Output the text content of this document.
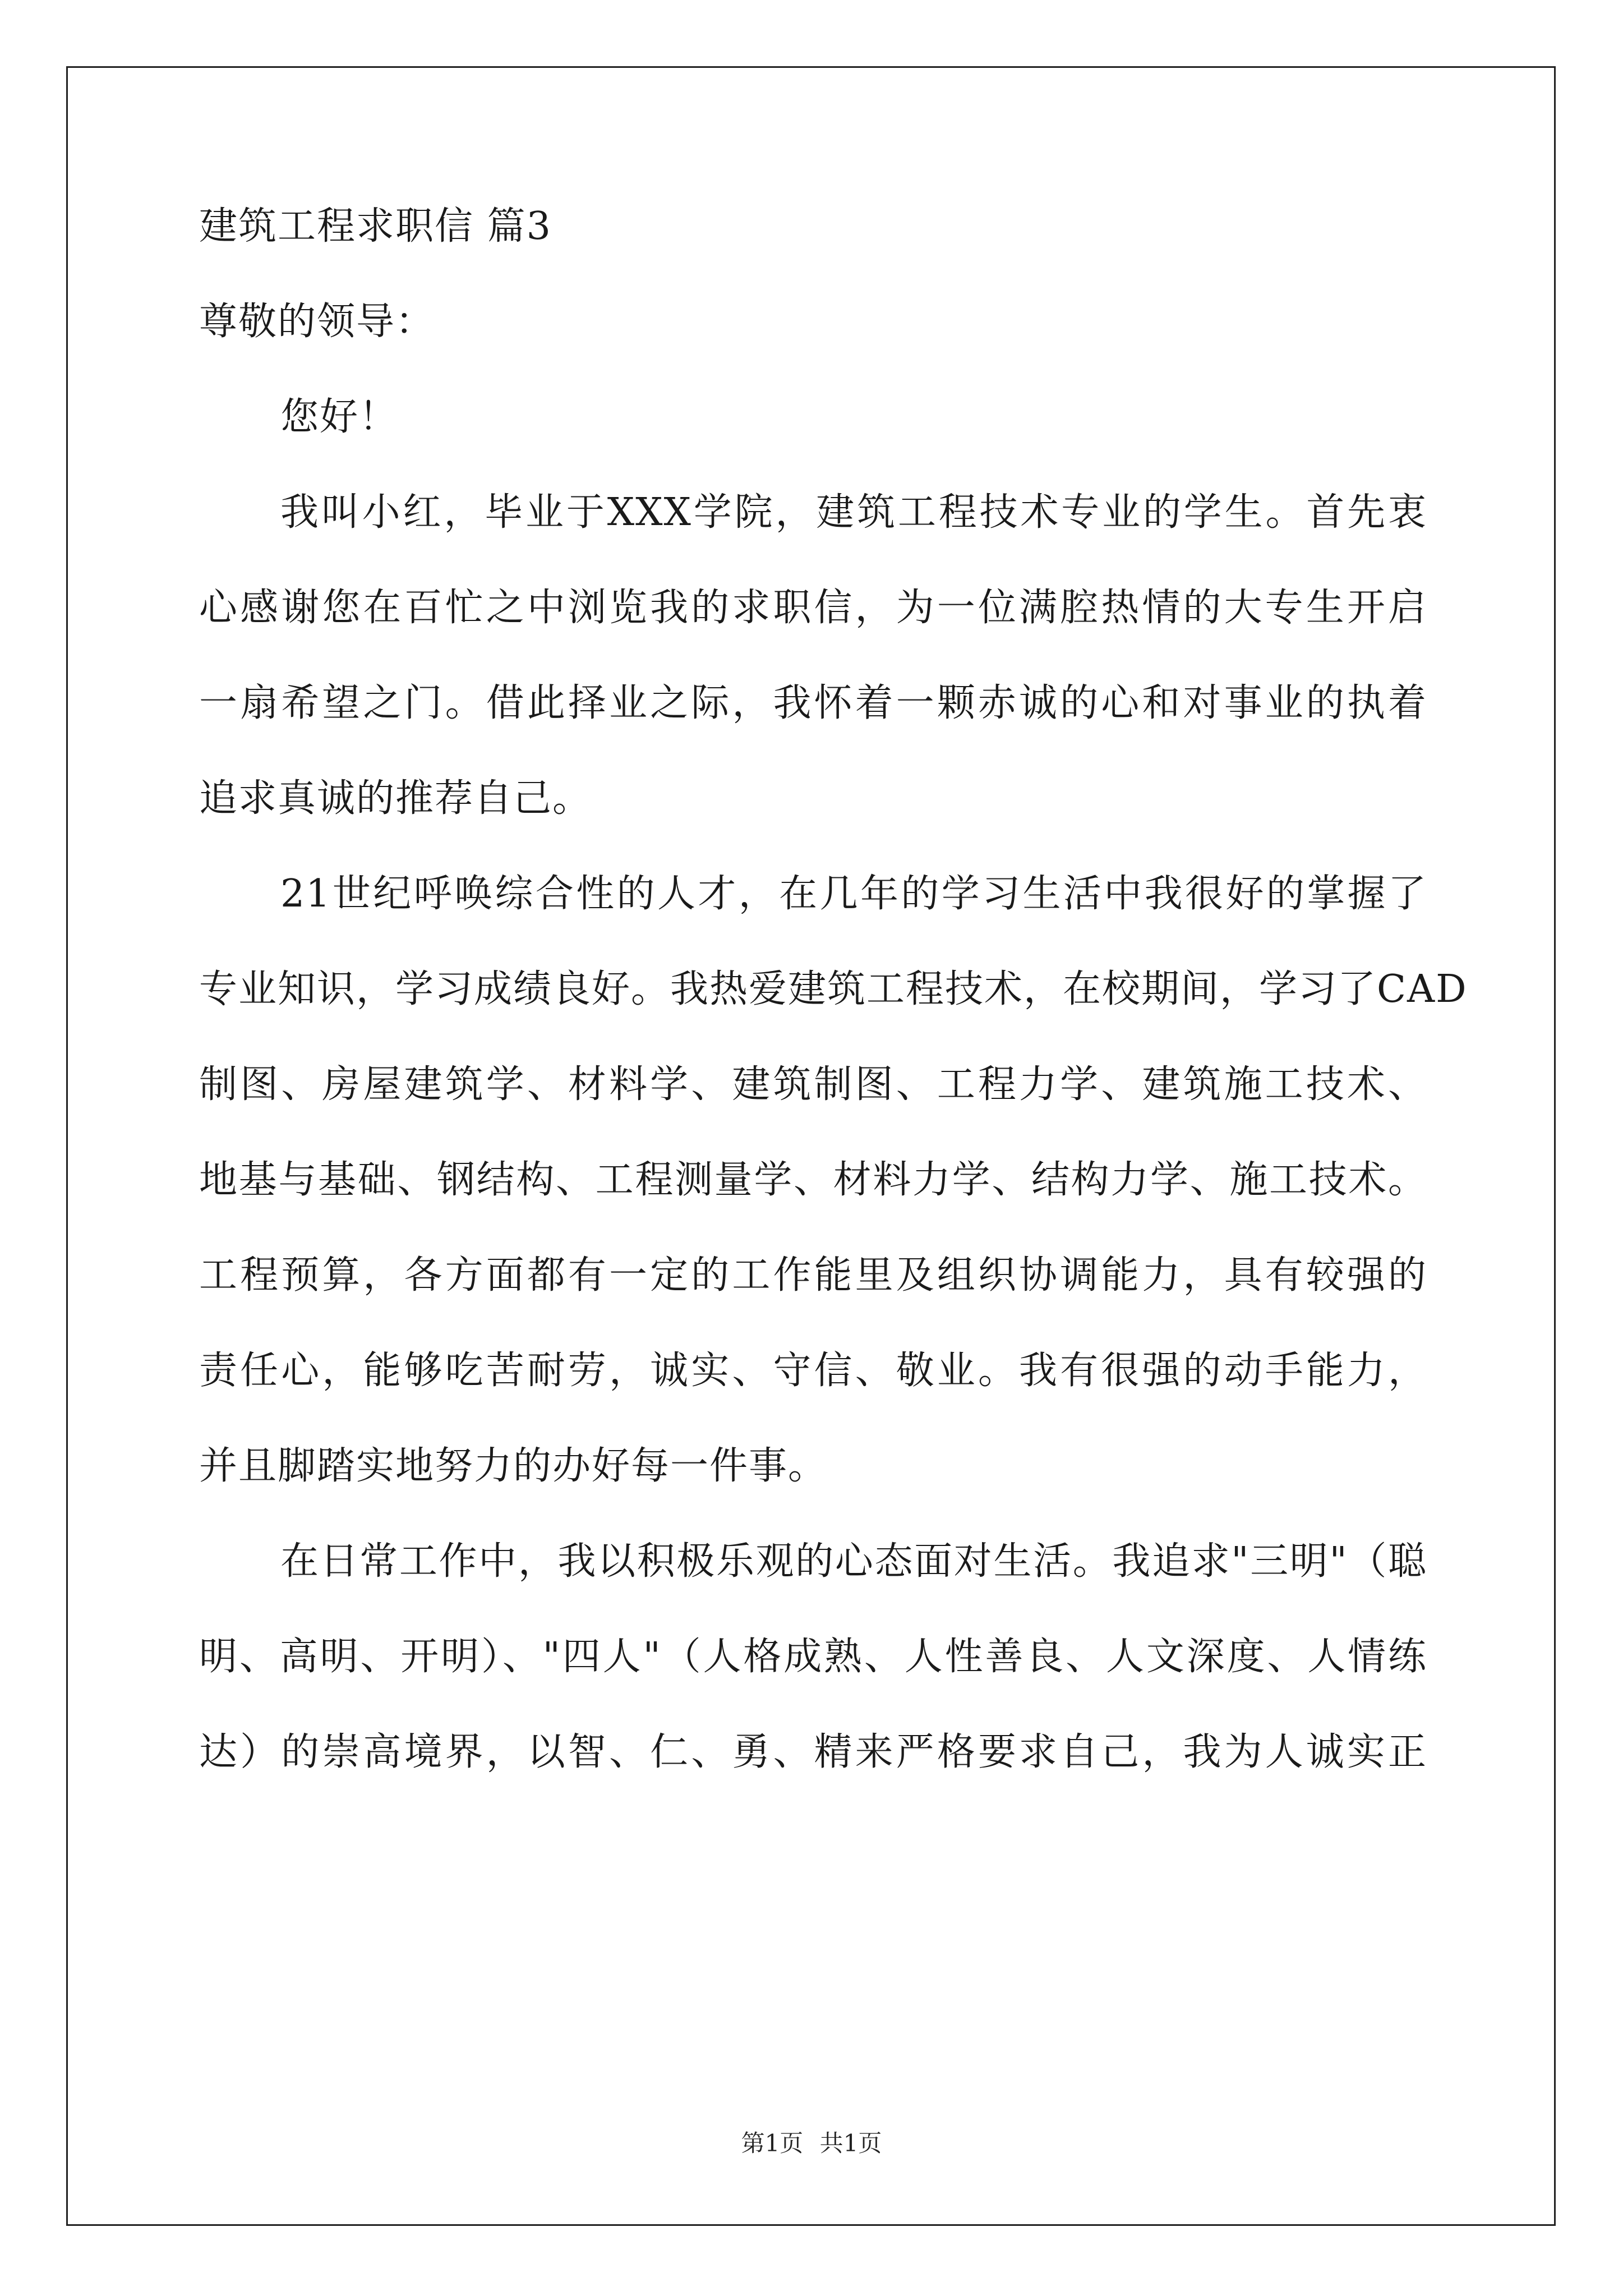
建筑工程求职信 篇3
尊敬的领导：
您好！
我叫小红，毕业于XXX学院，建筑工程技术专业的学生。首先衷
心感谢您在百忙之中浏览我的求职信，为一位满腔热情的大专生开启
一扇希望之门。借此择业之际，我怀着一颗赤诚的心和对事业的执着
追求真诚的推荐自己。
21世纪呼唤综合性的人才，在几年的学习生活中我很好的掌握了
专业知识，学习成绩良好。我热爱建筑工程技术，在校期间，学习了CAD
制图、房屋建筑学、材料学、建筑制图、工程力学、建筑施工技术、
地基与基础、钢结构、工程测量学、材料力学、结构力学、施工技术。
工程预算，各方面都有一定的工作能里及组织协调能力，具有较强的
责任心，能够吃苦耐劳，诚实、守信、敬业。我有很强的动手能力，
并且脚踏实地努力的办好每一件事。
在日常工作中，我以积极乐观的心态面对生活。我追求"三明"（聪
明、高明、开明）、"四人"（人格成熟、人性善良、人文深度、人情练
达）的崇高境界，以智、仁、勇、精来严格要求自己，我为人诚实正
第1页 共1页
